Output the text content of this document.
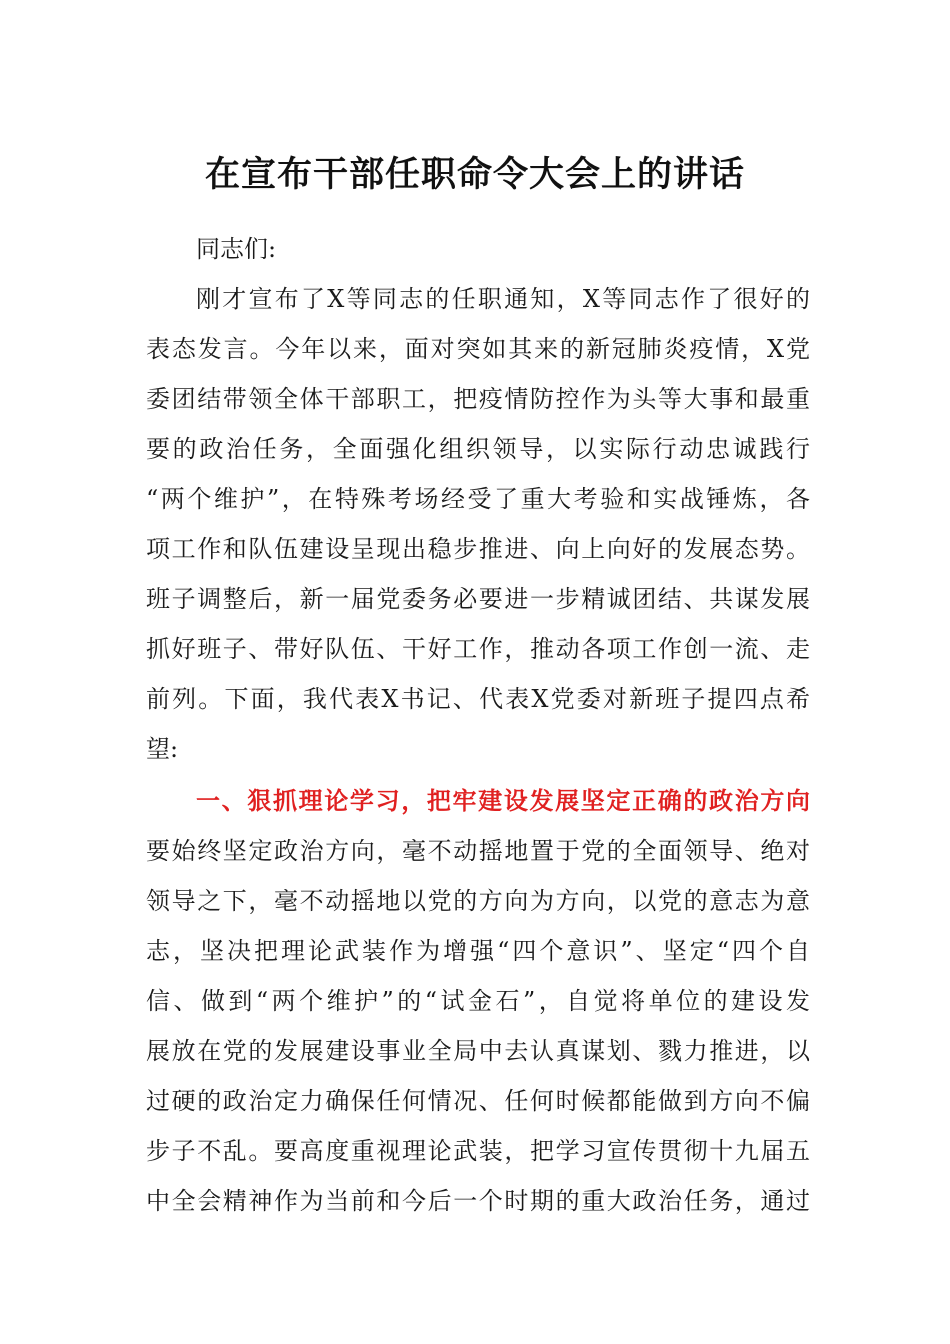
在宣布干部任职命令大会上的讲话
同志们:
刚才宣布了X等同志的任职通知，X等同志作了很好的
表态发言。今年以来，面对突如其来的新冠肺炎疫情，X党
委团结带领全体干部职工，把疫情防控作为头等大事和最重
要的政治任务，全面强化组织领导，以实际行动忠诚践行
“两个维护”，在特殊考场经受了重大考验和实战锤炼，各
项工作和队伍建设呈现出稳步推进、向上向好的发展态势。
班子调整后，新一届党委务必要进一步精诚团结、共谋发展
抓好班子、带好队伍、干好工作，推动各项工作创一流、走
前列。下面，我代表X书记、代表X党委对新班子提四点希
望:
一、狠抓理论学习，把牢建设发展坚定正确的政治方向
要始终坚定政治方向，毫不动摇地置于党的全面领导、绝对
领导之下，毫不动摇地以党的方向为方向，以党的意志为意
志，坚决把理论武装作为增强“四个意识”、坚定“四个自
信、做到“两个维护”的“试金石”，自觉将单位的建设发
展放在党的发展建设事业全局中去认真谋划、戮力推进，以
过硬的政治定力确保任何情况、任何时候都能做到方向不偏
步子不乱。要高度重视理论武装，把学习宣传贯彻十九届五
中全会精神作为当前和今后一个时期的重大政治任务，通过
